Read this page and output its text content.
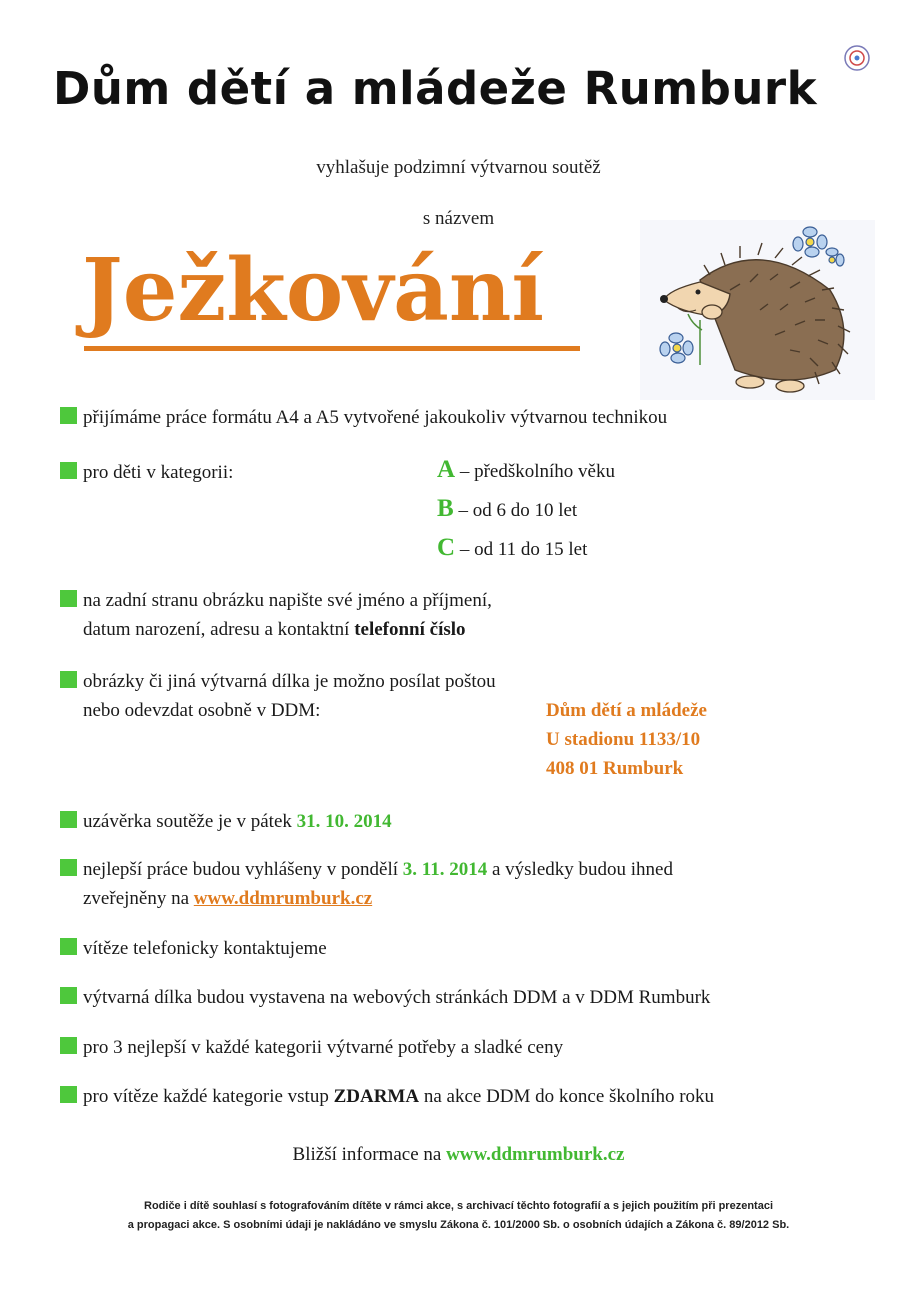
Dům dětí a mládeže Rumburk
vyhlašuje podzimní výtvarnou soutěž
s názvem
Ježkování
přijímáme práce formátu A4 a A5 vytvořené jakoukoliv výtvarnou technikou
pro děti v kategorii:	A – předškolního věku
B – od 6 do 10 let
C – od 11 do 15 let
na zadní stranu obrázku napište své jméno a příjmení,
datum narození, adresu a kontaktní telefonní číslo
obrázky či jiná výtvarná dílka je možno posílat poštou
nebo odevzdat osobně v DDM:	Dům dětí a mládeže
U stadionu 1133/10
408 01 Rumburk
uzávěrka soutěže je v pátek 31. 10. 2014
nejlepší práce budou vyhlášeny v pondělí 3. 11. 2014 a výsledky budou ihned
zveřejněny na www.ddmrumburk.cz
vítěze telefonicky kontaktujeme
výtvarná dílka budou vystavena na webových stránkách DDM a v DDM Rumburk
pro 3 nejlepší v každé kategorii výtvarné potřeby a sladké ceny
pro vítěze každé kategorie vstup ZDARMA na akce DDM do konce školního roku
Bližší informace na www.ddmrumburk.cz
Rodiče i dítě souhlasí s fotografováním dítěte v rámci akce, s archivací těchto fotografií a s jejich použitím při prezentaci
a propagaci akce. S osobními údaji je nakládáno ve smyslu Zákona č. 101/2000 Sb. o osobních údajích a Zákona č. 89/2012 Sb.
